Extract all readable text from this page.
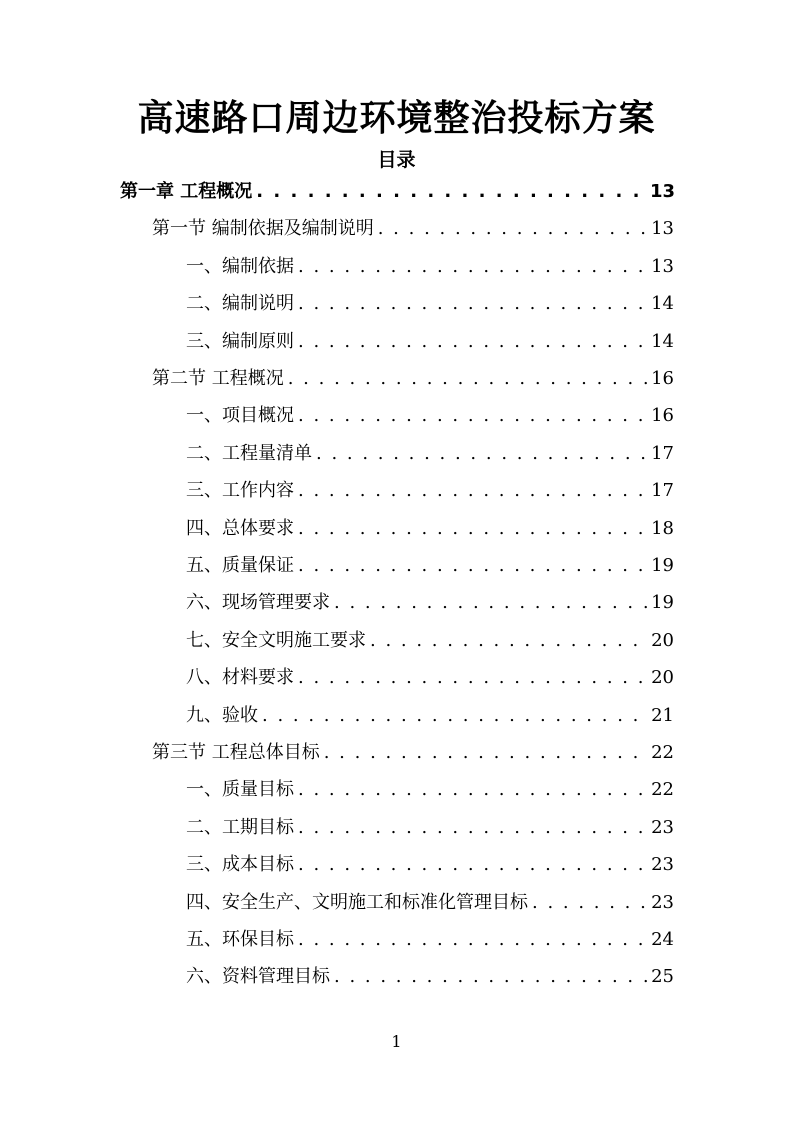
高速路口周边环境整治投标方案
目录
第一章 工程概况 . . .	13
第一节 编制依据及编制说明 . . .	13
一、编制依据 . . .	13
二、编制说明 . . .	14
三、编制原则 . . .	14
第二节 工程概况 . . .	16
一、项目概况 . . .	16
二、工程量清单 . . .	17
三、工作内容 . . .	17
四、总体要求 . . .	18
五、质量保证 . . .	19
六、现场管理要求 . . .	19
七、安全文明施工要求 . . .	20
八、材料要求 . . .	20
九、验收 . . .	21
第三节 工程总体目标 . . .	22
一、质量目标 . . .	22
二、工期目标 . . .	23
三、成本目标 . . .	23
四、安全生产、文明施工和标准化管理目标 . . .	23
五、环保目标 . . .	24
六、资料管理目标 . . .	25
1
